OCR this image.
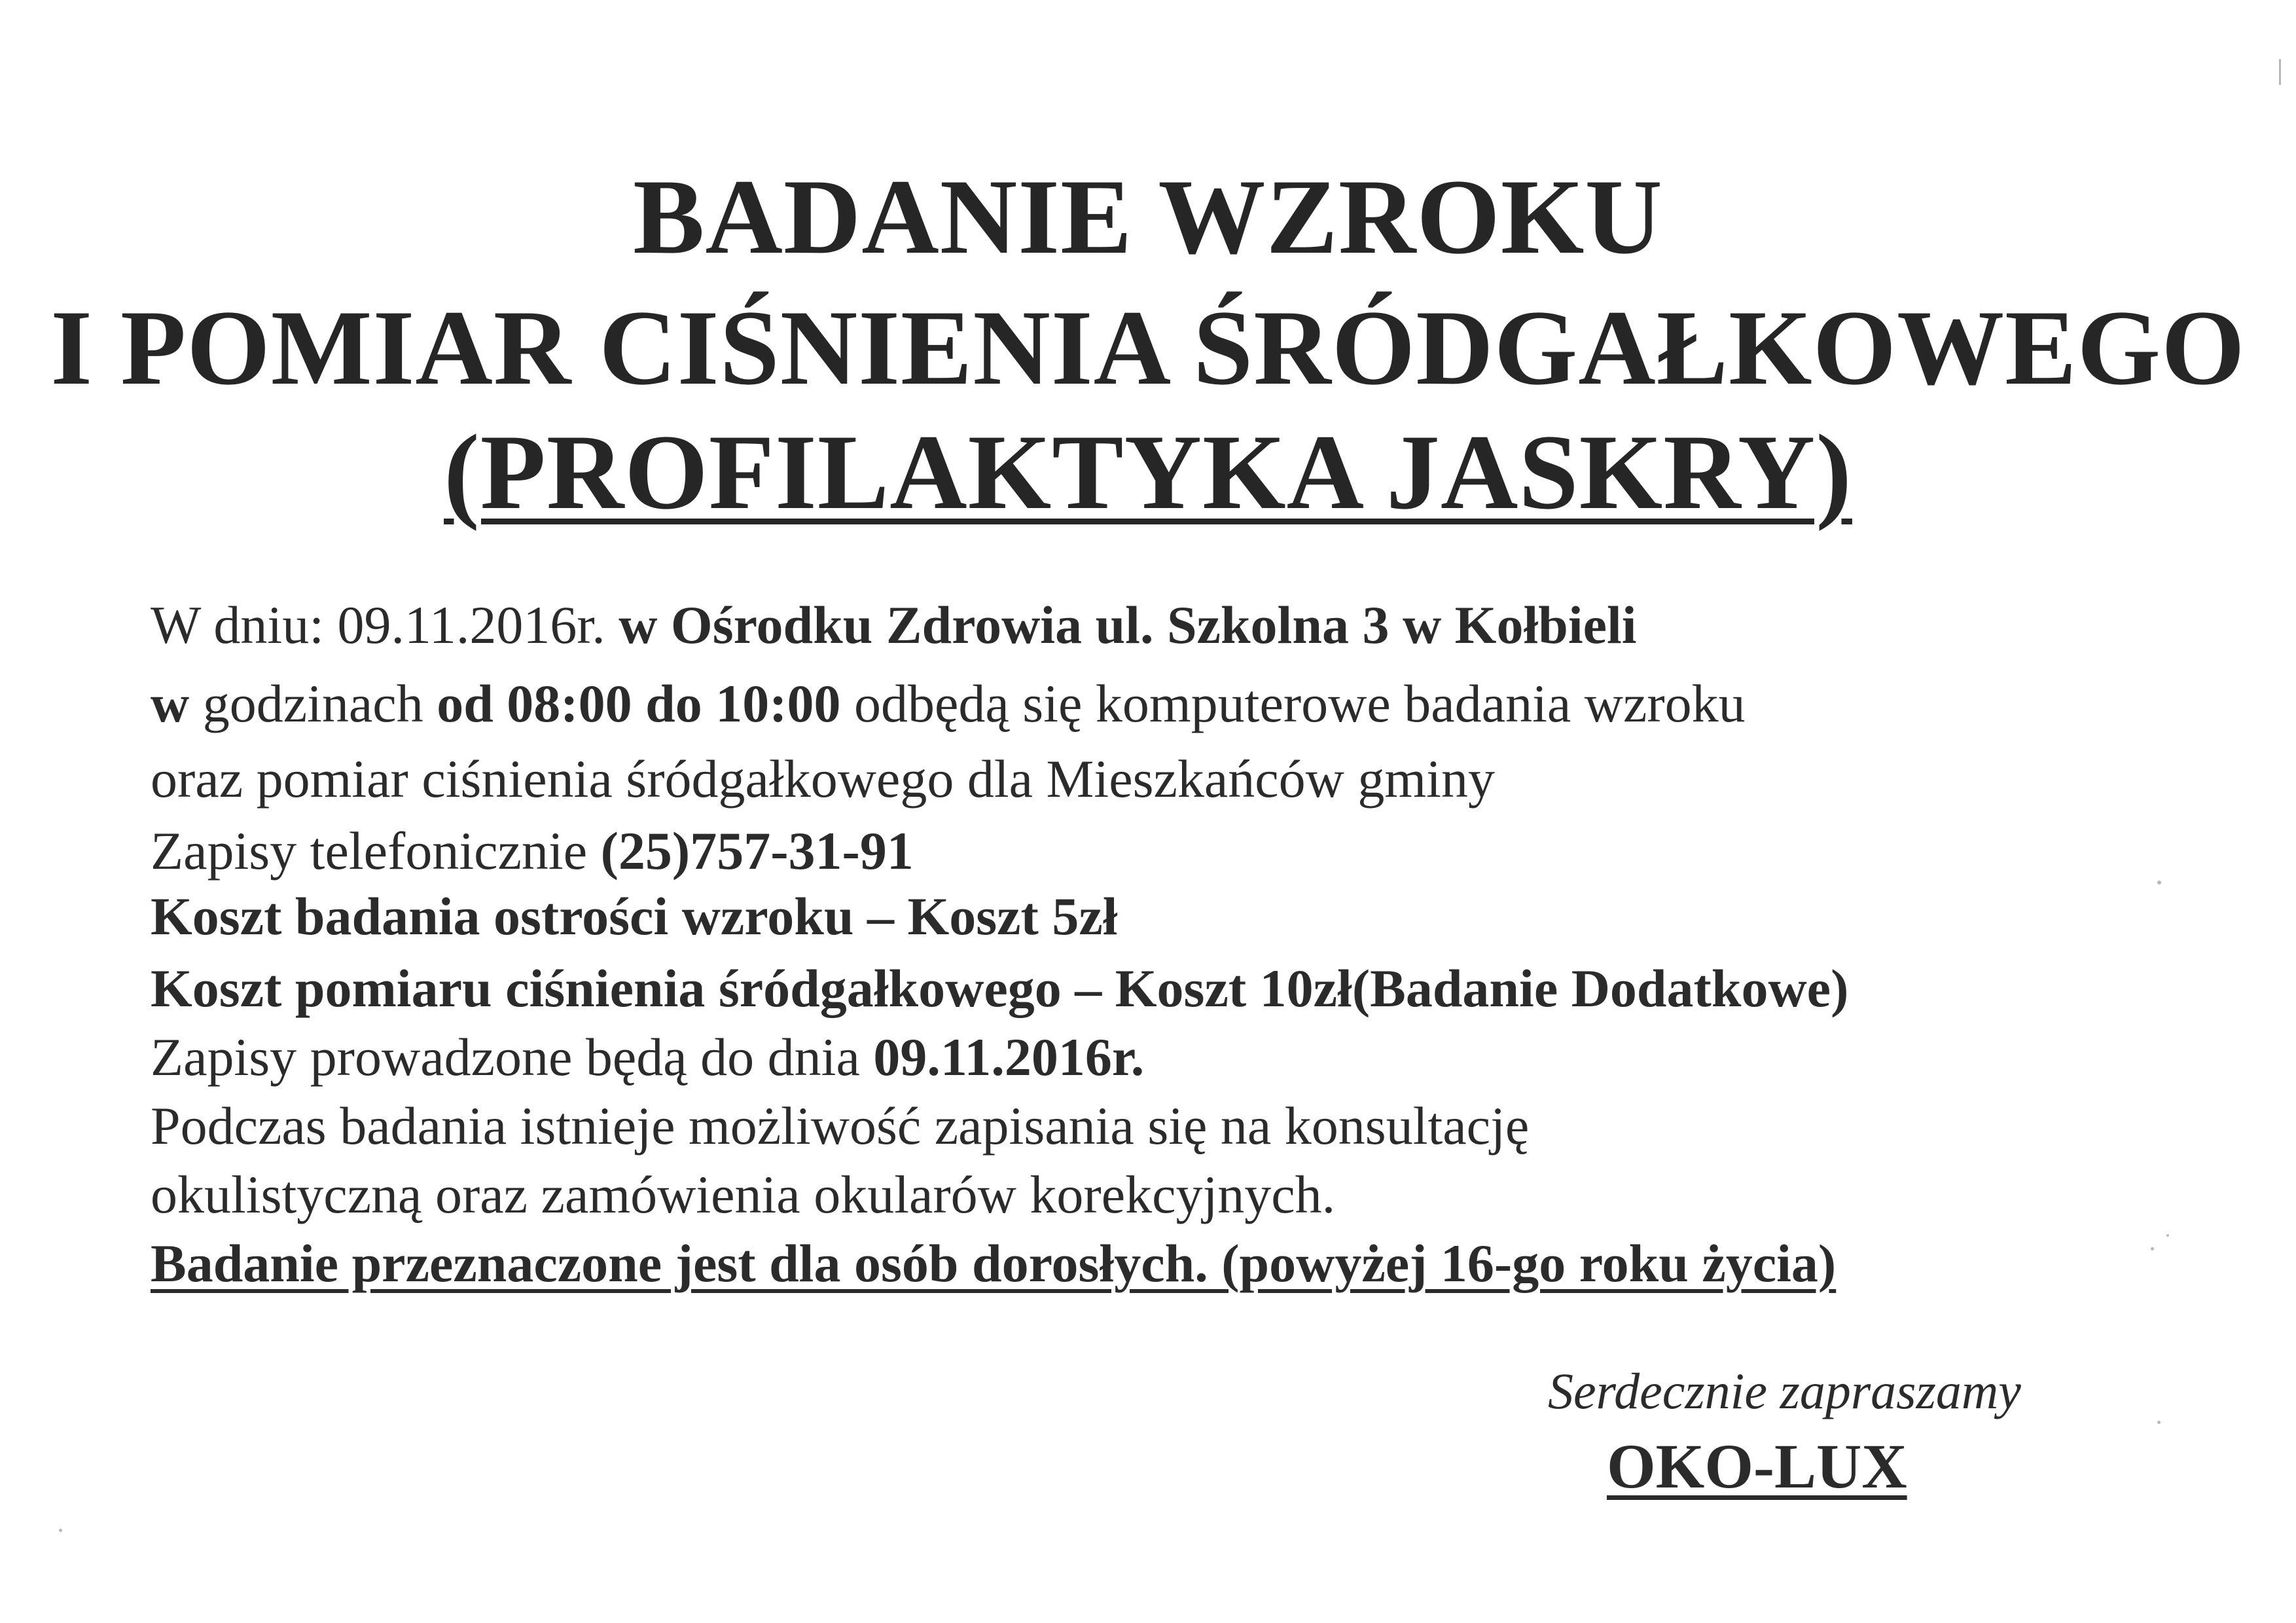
BADANIE WZROKU
I POMIAR CIŚNIENIA ŚRÓDGAŁKOWEGO
(PROFILAKTYKA JASKRY)
W dniu: 09.11.2016r. w Ośrodku Zdrowia ul. Szkolna 3 w Kołbieli
w godzinach od 08:00 do 10:00 odbędą się komputerowe badania wzroku
oraz pomiar ciśnienia śródgałkowego dla Mieszkańców gminy
Zapisy telefonicznie (25)757-31-91
Koszt badania ostrości wzroku – Koszt 5zł
Koszt pomiaru ciśnienia śródgałkowego – Koszt 10zł(Badanie Dodatkowe)
Zapisy prowadzone będą do dnia 09.11.2016r.
Podczas badania istnieje możliwość zapisania się na konsultację
okulistyczną oraz zamówienia okularów korekcyjnych.
Badanie przeznaczone jest dla osób dorosłych. (powyżej 16-go roku życia)
Serdecznie zapraszamy
OKO-LUX
